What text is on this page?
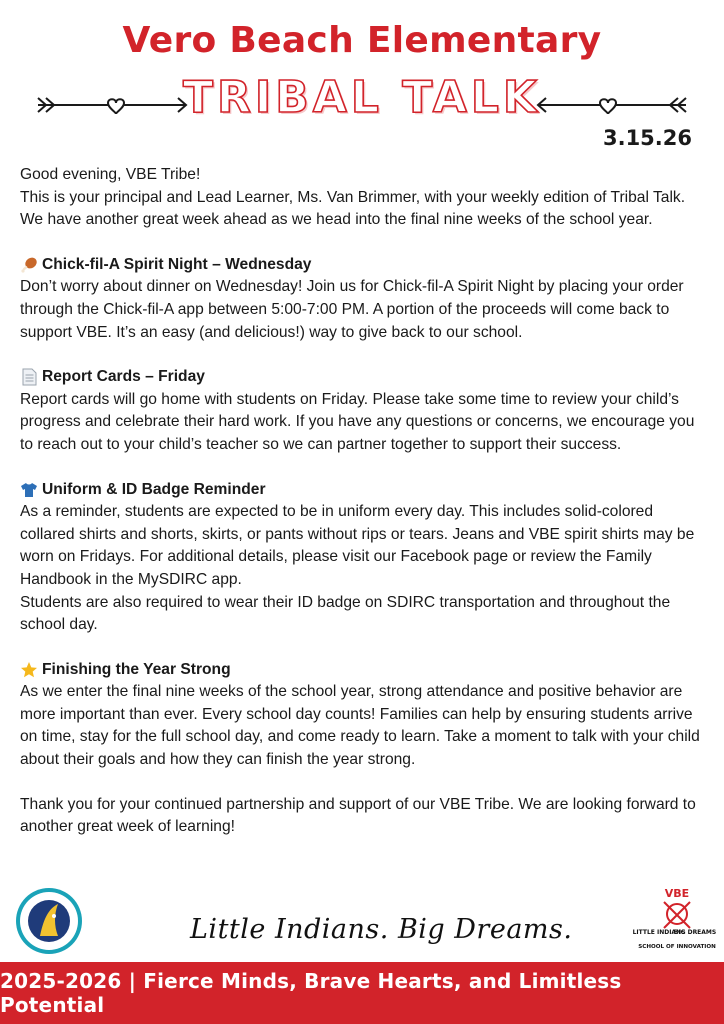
Vero Beach Elementary
TRIBAL TALK
3.15.26

Good evening, VBE Tribe!

This is your principal and Lead Learner, Ms. Van Brimmer, with your weekly edition of Tribal Talk. We have another great week ahead as we head into the final nine weeks of the school year.

Chick-fil-A Spirit Night – Wednesday

Don’t worry about dinner on Wednesday! Join us for Chick-fil-A Spirit Night by placing your order through the Chick-fil-A app between 5:00-7:00 PM. A portion of the proceeds will come back to support VBE. It’s an easy (and delicious!) way to give back to our school.

Report Cards – Friday

Report cards will go home with students on Friday. Please take some time to review your child’s progress and celebrate their hard work. If you have any questions or concerns, we encourage you to reach out to your child’s teacher so we can partner together to support their success.

Uniform & ID Badge Reminder

As a reminder, students are expected to be in uniform every day. This includes solid-colored collared shirts and shorts, skirts, or pants without rips or tears. Jeans and VBE spirit shirts may be worn on Fridays. For additional details, please visit our Facebook page or review the Family Handbook in the MySDIRC app.

Students are also required to wear their ID badge on SDIRC transportation and throughout the school day.

Finishing the Year Strong

As we enter the final nine weeks of the school year, strong attendance and positive behavior are more important than ever. Every school day counts! Families can help by ensuring students arrive on time, stay for the full school day, and come ready to learn. Take a moment to talk with your child about their goals and how they can finish the year strong.

Thank you for your continued partnership and support of our VBE Tribe. We are looking forward to another great week of learning!

Little Indians. Big Dreams.
VBE
LITTLE INDIANS
BIG DREAMS
SCHOOL OF INNOVATION
2025-2026 | Fierce Minds, Brave Hearts, and Limitless Potential
